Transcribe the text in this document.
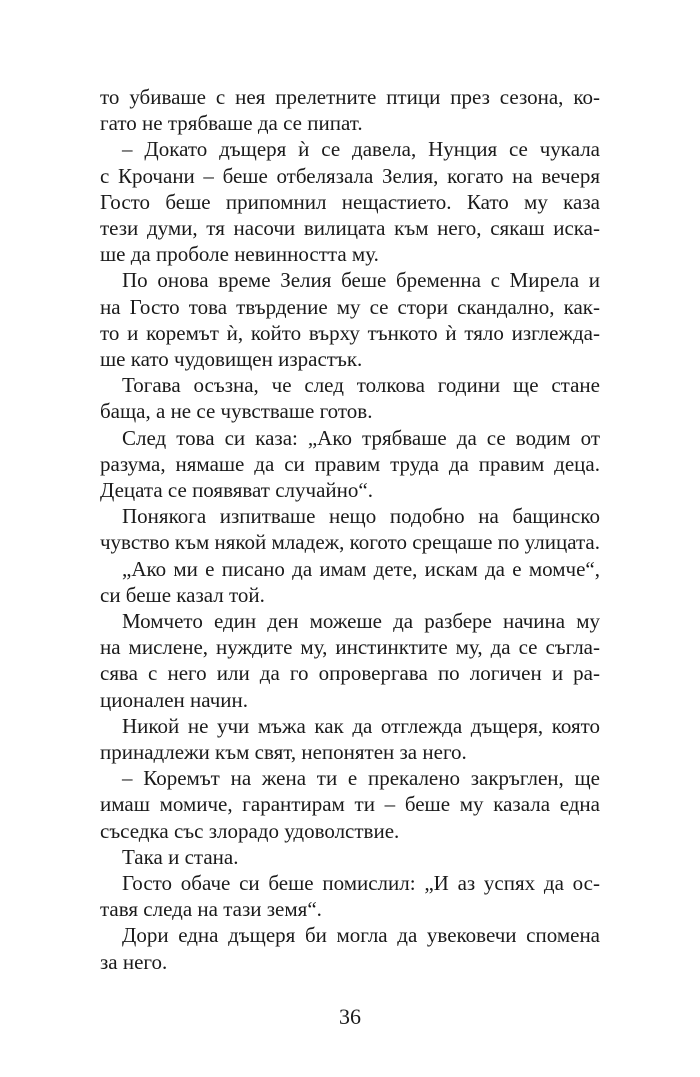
то убиваше с нея прелетните птици през сезона, ко-
гато не трябваше да се пипат.
– Докато дъщеря ѝ се давела, Нунция се чукала
с Крочани – беше отбелязала Зелия, когато на вечеря
Госто беше припомнил нещастието. Като му каза
тези думи, тя насочи вилицата към него, сякаш иска-
ше да проболе невинността му.
По онова време Зелия беше бременна с Мирела и
на Госто това твърдение му се стори скандално, как-
то и коремът ѝ, който върху тънкото ѝ тяло изглежда-
ше като чудовищен израстък.
Тогава осъзна, че след толкова години ще стане
баща, а не се чувстваше готов.
След това си каза: „Ако трябваше да се водим от
разума, нямаше да си правим труда да правим деца.
Децата се появяват случайно“.
Понякога изпитваше нещо подобно на бащинско
чувство към някой младеж, когото срещаше по улицата.
„Ако ми е писано да имам дете, искам да е момче“,
си беше казал той.
Момчето един ден можеше да разбере начина му
на мислене, нуждите му, инстинктите му, да се съгла-
сява с него или да го опровергава по логичен и ра-
ционален начин.
Никой не учи мъжа как да отглежда дъщеря, която
принадлежи към свят, непонятен за него.
– Коремът на жена ти е прекалено закръглен, ще
имаш момиче, гарантирам ти – беше му казала една
съседка със злорадо удоволствие.
Така и стана.
Госто обаче си беше помислил: „И аз успях да ос-
тавя следа на тази земя“.
Дори една дъщеря би могла да увековечи спомена
за него.
36
